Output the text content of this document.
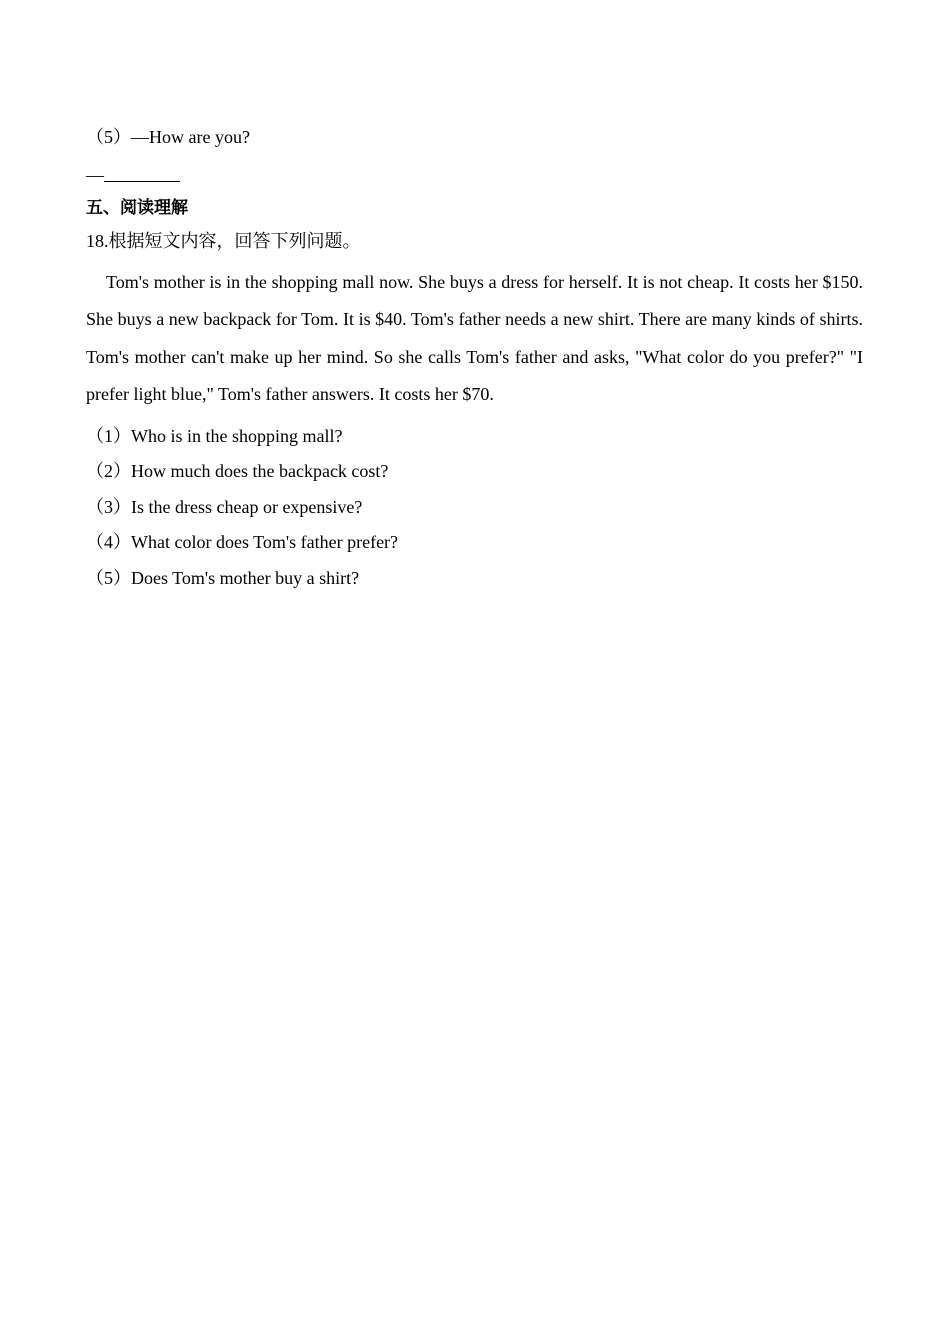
（5）—How are you?
—
五、阅读理解
18.根据短文内容，回答下列问题。
Tom's mother is in the shopping mall now. She buys a dress for herself. It is not cheap. It costs her $150. She buys a new backpack for Tom. It is $40. Tom's father needs a new shirt. There are many kinds of shirts. Tom's mother can't make up her mind. So she calls Tom's father and asks, "What color do you prefer?" "I prefer light blue," Tom's father answers. It costs her $70.
（1）Who is in the shopping mall?
（2）How much does the backpack cost?
（3）Is the dress cheap or expensive?
（4）What color does Tom's father prefer?
（5）Does Tom's mother buy a shirt?
